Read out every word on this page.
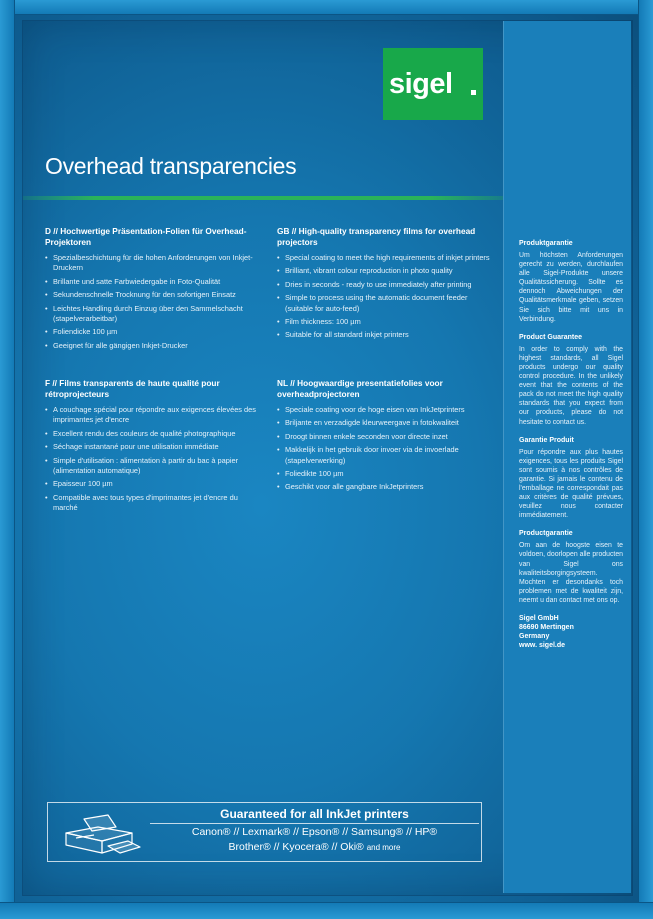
sigel
Overhead transparencies
D // Hochwertige Präsentation-Folien für Overhead-Projektoren
• Spezialbeschichtung für die hohen Anforderungen von Inkjet-Druckern
• Brillante und satte Farbwiedergabe in Foto-Qualität
• Sekundenschnelle Trocknung für den sofortigen Einsatz
• Leichtes Handling durch Einzug über den Sammelschacht (stapelverarbeitbar)
• Foliendicke 100 µm
• Geeignet für alle gängigen Inkjet-Drucker
GB // High-quality transparency films for overhead projectors
• Special coating to meet the high requirements of inkjet printers
• Brilliant, vibrant colour reproduction in photo quality
• Dries in seconds - ready to use immediately after printing
• Simple to process using the automatic document feeder (suitable for auto-feed)
• Film thickness: 100 µm
• Suitable for all standard inkjet printers
F // Films transparents de haute qualité pour rétroprojecteurs
• A couchage spécial pour répondre aux exigences élevées des imprimantes jet d'encre
• Excellent rendu des couleurs de qualité photographique
• Séchage instantané pour une utilisation immédiate
• Simple d'utilisation : alimentation à partir du bac à papier (alimentation automatique)
• Epaisseur 100 µm
• Compatible avec tous types d'imprimantes jet d'encre du marché
NL // Hoogwaardige presentatiefolies voor overheadprojectoren
• Speciale coating voor de hoge eisen van InkJetprinters
• Briljante en verzadigde kleurweergave in fotokwaliteit
• Droogt binnen enkele seconden voor directe inzet
• Makkelijk in het gebruik door invoer via de invoerlade (stapelverwerking)
• Foliedikte 100 µm
• Geschikt voor alle gangbare InkJetprinters
Produktgarantie

Um höchsten Anforderungen gerecht zu werden, durchlaufen alle Sigel-Produkte unsere Qualitätssicherung. Sollte es dennoch Abweichungen der Qualitätsmerkmale geben, setzen Sie sich bitte mit uns in Verbindung.

Product Guarantee

In order to comply with the highest standards, all Sigel products undergo our quality control procedure. In the unlikely event that the contents of the pack do not meet the high quality standards that you expect from our products, please do not hesitate to contact us.

Garantie Produit

Pour répondre aux plus hautes exigences, tous les produits Sigel sont soumis à nos contrôles de garantie. Si jamais le contenu de l'emballage ne correspondait pas aux critères de qualité prévues, veuillez nous contacter immédiatement.

Productgarantie

Om aan de hoogste eisen te voldoen, doorlopen alle producten van Sigel ons kwaliteitsborgingsysteem. Mochten er desondanks toch problemen met de kwaliteit zijn, neemt u dan contact met ons op.

Sigel GmbH
86690 Mertingen
Germany
www. sigel.de
Guaranteed for all InkJet printers
Canon® // Lexmark® // Epson® // Samsung® // HP®
Brother® // Kyocera® // Oki® and more
